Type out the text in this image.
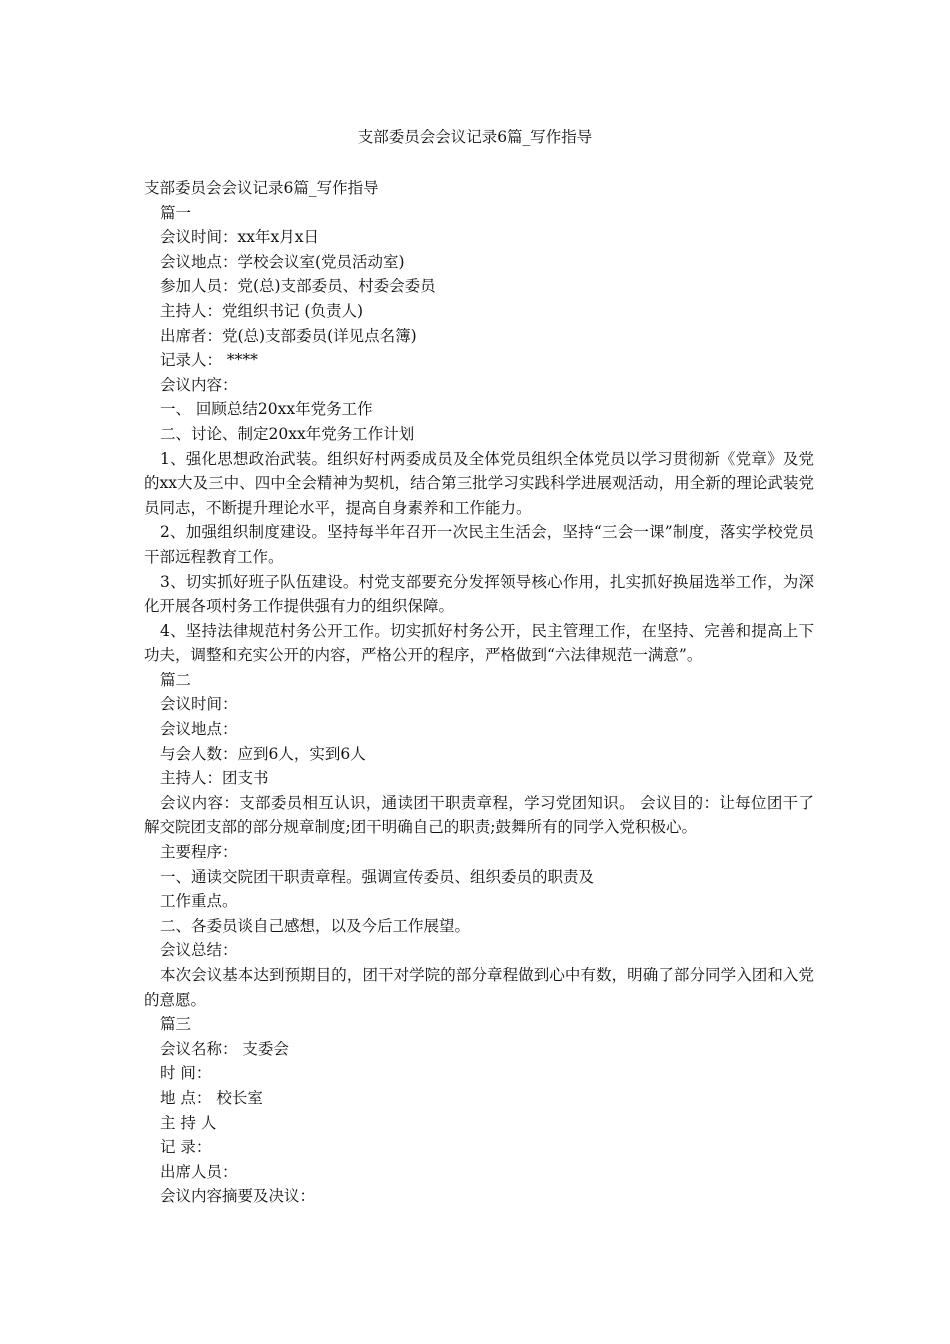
支部委员会会议记录6篇_写作指导
支部委员会会议记录6篇_写作指导
篇一
会议时间：xx年x月x日
会议地点：学校会议室(党员活动室)
参加人员：党(总)支部委员、村委会委员
主持人：党组织书记 (负责人)
出席者：党(总)支部委员(详见点名簿)
记录人： ****
会议内容：
一、 回顾总结20xx年党务工作
二、讨论、制定20xx年党务工作计划
1、强化思想政治武装。组织好村两委成员及全体党员组织全体党员以学习贯彻新《党章》及党的xx大及三中、四中全会精神为契机，结合第三批学习实践科学进展观活动，用全新的理论武装党员同志，不断提升理论水平，提高自身素养和工作能力。
2、加强组织制度建设。坚持每半年召开一次民主生活会，坚持“三会一课”制度，落实学校党员干部远程教育工作。
3、切实抓好班子队伍建设。村党支部要充分发挥领导核心作用，扎实抓好换届选举工作，为深化开展各项村务工作提供强有力的组织保障。
4、坚持法律规范村务公开工作。切实抓好村务公开，民主管理工作，在坚持、完善和提高上下功夫，调整和充实公开的内容，严格公开的程序，严格做到“六法律规范一满意”。
篇二
会议时间：
会议地点：
与会人数：应到6人，实到6人
主持人：团支书
会议内容：支部委员相互认识，通读团干职责章程，学习党团知识。 会议目的：让每位团干了解交院团支部的部分规章制度;团干明确自己的职责;鼓舞所有的同学入党积极心。
主要程序：
一、通读交院团干职责章程。强调宣传委员、组织委员的职责及
工作重点。
二、各委员谈自己感想，以及今后工作展望。
会议总结：
本次会议基本达到预期目的，团干对学院的部分章程做到心中有数，明确了部分同学入团和入党的意愿。
篇三
会议名称： 支委会
时 间：
地 点： 校长室
主 持 人
记 录：
出席人员：
会议内容摘要及决议：
